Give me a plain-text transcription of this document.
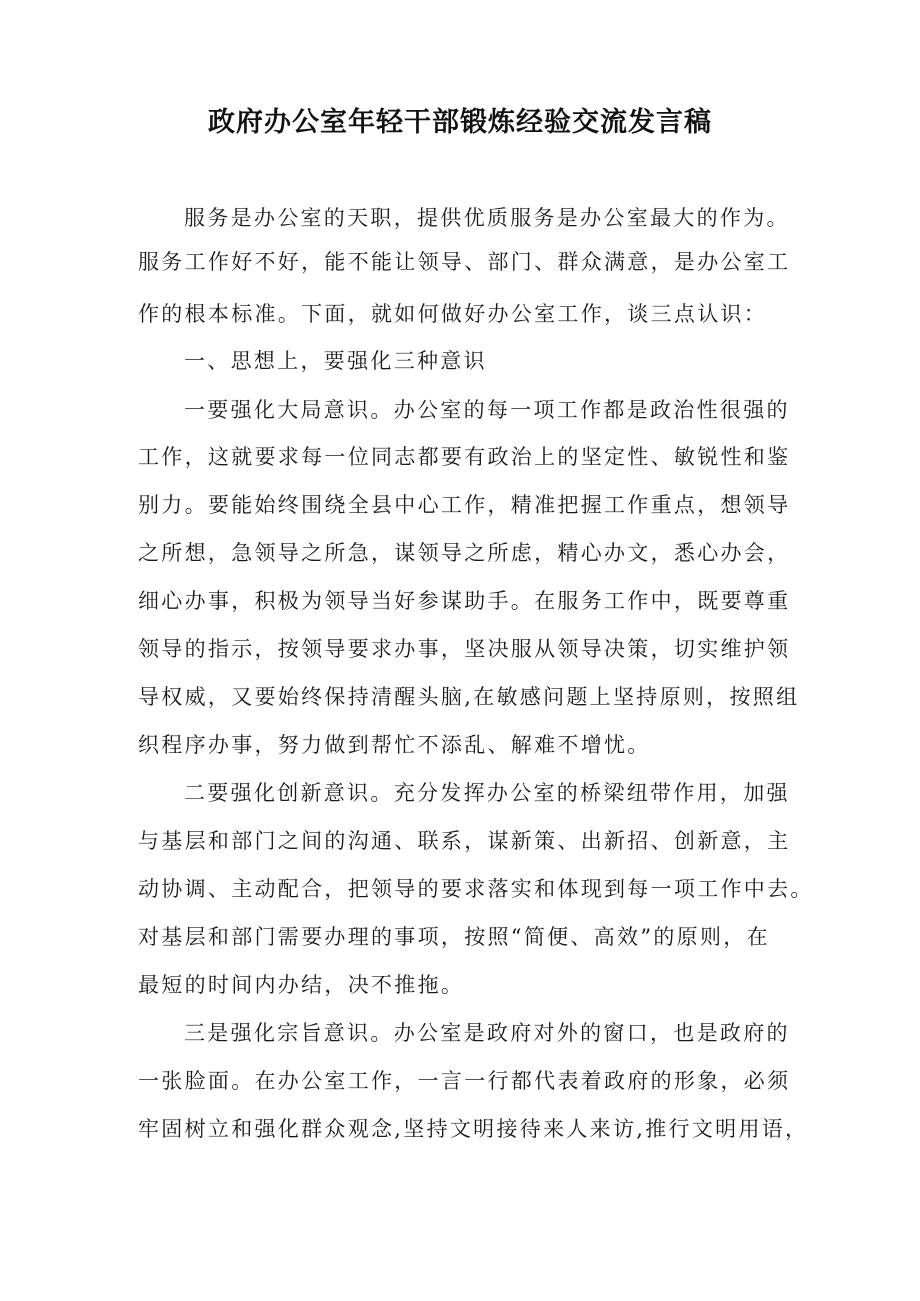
政府办公室年轻干部锻炼经验交流发言稿

服务是办公室的天职，提供优质服务是办公室最大的作为。

服务工作好不好，能不能让领导、部门、群众满意，是办公室工

作的根本标准。下面，就如何做好办公室工作，谈三点认识：

一、思想上，要强化三种意识

一要强化大局意识。办公室的每一项工作都是政治性很强的

工作，这就要求每一位同志都要有政治上的坚定性、敏锐性和鉴

别力。要能始终围绕全县中心工作，精准把握工作重点，想领导

之所想，急领导之所急，谋领导之所虑，精心办文，悉心办会，

细心办事，积极为领导当好参谋助手。在服务工作中，既要尊重

领导的指示，按领导要求办事，坚决服从领导决策，切实维护领

导权威，又要始终保持清醒头脑,在敏感问题上坚持原则，按照组

织程序办事，努力做到帮忙不添乱、解难不增忧。

二要强化创新意识。充分发挥办公室的桥梁纽带作用，加强

与基层和部门之间的沟通、联系，谋新策、出新招、创新意，主

动协调、主动配合，把领导的要求落实和体现到每一项工作中去。

对基层和部门需要办理的事项，按照“简便、高效”的原则，在

最短的时间内办结，决不推拖。

三是强化宗旨意识。办公室是政府对外的窗口，也是政府的

一张脸面。在办公室工作，一言一行都代表着政府的形象，必须

牢固树立和强化群众观念,坚持文明接待来人来访,推行文明用语，
